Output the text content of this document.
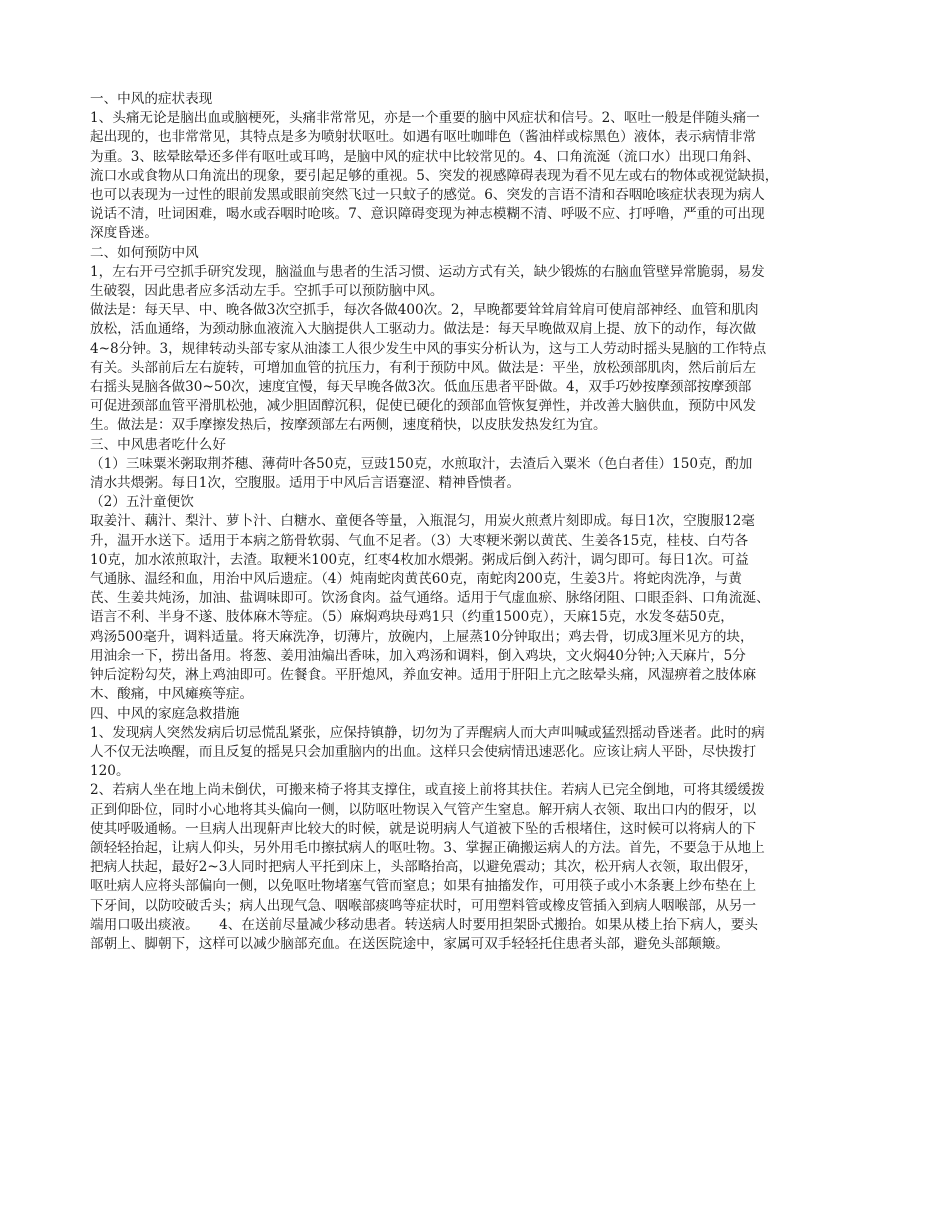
一、中风的症状表现
1、头痛无论是脑出血或脑梗死，头痛非常常见，亦是一个重要的脑中风症状和信号。2、呕吐一般是伴随头痛一
起出现的，也非常常见，其特点是多为喷射状呕吐。如遇有呕吐咖啡色（酱油样或棕黑色）液体，表示病情非常
为重。3、眩晕眩晕还多伴有呕吐或耳鸣，是脑中风的症状中比较常见的。4、口角流涎（流口水）出现口角斜、
流口水或食物从口角流出的现象，要引起足够的重视。5、突发的视感障碍表现为看不见左或右的物体或视觉缺损，
也可以表现为一过性的眼前发黑或眼前突然飞过一只蚊子的感觉。6、突发的言语不清和吞咽呛咳症状表现为病人
说话不清，吐词困难，喝水或吞咽时呛咳。7、意识障碍变现为神志模糊不清、呼吸不应、打呼噜，严重的可出现
深度昏迷。
二、如何预防中风
1，左右开弓空抓手研究发现，脑溢血与患者的生活习惯、运动方式有关，缺少锻炼的右脑血管壁异常脆弱，易发
生破裂，因此患者应多活动左手。空抓手可以预防脑中风。
做法是：每天早、中、晚各做3次空抓手，每次各做400次。2，早晚都要耸耸肩耸肩可使肩部神经、血管和肌肉
放松，活血通络，为颈动脉血液流入大脑提供人工驱动力。做法是：每天早晚做双肩上提、放下的动作，每次做
4~8分钟。3，规律转动头部专家从油漆工人很少发生中风的事实分析认为，这与工人劳动时摇头晃脑的工作特点
有关。头部前后左右旋转，可增加血管的抗压力，有利于预防中风。做法是：平坐，放松颈部肌肉，然后前后左
右摇头晃脑各做30~50次，速度宜慢，每天早晚各做3次。低血压患者平卧做。4，双手巧妙按摩颈部按摩颈部
可促进颈部血管平滑肌松弛，减少胆固醇沉积，促使已硬化的颈部血管恢复弹性，并改善大脑供血，预防中风发
生。做法是：双手摩擦发热后，按摩颈部左右两侧，速度稍快，以皮肤发热发红为宜。
三、中风患者吃什么好
（1）三味粟米粥取荆芥穗、薄荷叶各50克，豆豉150克，水煎取汁，去渣后入粟米（色白者佳）150克，酌加
清水共煨粥。每日1次，空腹服。适用于中风后言语蹇涩、精神昏愦者。
（2）五汁童便饮
取姜汁、藕汁、梨汁、萝卜汁、白糖水、童便各等量，入瓶混匀，用炭火煎煮片刻即成。每日1次，空腹服12毫
升，温开水送下。适用于本病之筋骨软弱、气血不足者。（3）大枣粳米粥以黄芪、生姜各15克，桂枝、白芍各
10克，加水浓煎取汁，去渣。取粳米100克，红枣4枚加水煨粥。粥成后倒入药汁，调匀即可。每日1次。可益
气通脉、温经和血，用治中风后遗症。（4）炖南蛇肉黄芪60克，南蛇肉200克，生姜3片。将蛇肉洗净，与黄
芪、生姜共炖汤，加油、盐调味即可。饮汤食肉。益气通络。适用于气虚血瘀、脉络闭阻、口眼歪斜、口角流涎、
语言不利、半身不遂、肢体麻木等症。（5）麻焖鸡块母鸡1只（约重1500克），天麻15克，水发冬菇50克，
鸡汤500毫升，调料适量。将天麻洗净，切薄片，放碗内，上屉蒸10分钟取出；鸡去骨，切成3厘米见方的块，
用油余一下，捞出备用。将葱、姜用油煸出香味，加入鸡汤和调料，倒入鸡块，文火焖40分钟;入天麻片，5分
钟后淀粉勾芡，淋上鸡油即可。佐餐食。平肝熄风，养血安神。适用于肝阳上亢之眩晕头痛，风湿痹着之肢体麻
木、酸痛，中风瘫痪等症。
四、中风的家庭急救措施
1、发现病人突然发病后切忌慌乱紧张，应保持镇静，切勿为了弄醒病人而大声叫喊或猛烈摇动昏迷者。此时的病
人不仅无法唤醒，而且反复的摇晃只会加重脑内的出血。这样只会使病情迅速恶化。应该让病人平卧，尽快拨打
120。
2、若病人坐在地上尚未倒伏，可搬来椅子将其支撑住，或直接上前将其扶住。若病人已完全倒地，可将其缓缓拨
正到仰卧位，同时小心地将其头偏向一侧，以防呕吐物误入气管产生窒息。解开病人衣领、取出口内的假牙，以
使其呼吸通畅。一旦病人出现鼾声比较大的时候，就是说明病人气道被下坠的舌根堵住，这时候可以将病人的下
颌轻轻抬起，让病人仰头，另外用毛巾擦拭病人的呕吐物。3、掌握正确搬运病人的方法。首先，不要急于从地上
把病人扶起，最好2~3人同时把病人平托到床上，头部略抬高，以避免震动；其次，松开病人衣领，取出假牙，
呕吐病人应将头部偏向一侧，以免呕吐物堵塞气管而窒息；如果有抽搐发作，可用筷子或小木条裹上纱布垫在上
下牙间，以防咬破舌头；病人出现气急、咽喉部痰鸣等症状时，可用塑料管或橡皮管插入到病人咽喉部，从另一
端用口吸出痰液。　　4、在送前尽量减少移动患者。转送病人时要用担架卧式搬抬。如果从楼上抬下病人，要头
部朝上、脚朝下，这样可以减少脑部充血。在送医院途中，家属可双手轻轻托住患者头部，避免头部颠簸。
